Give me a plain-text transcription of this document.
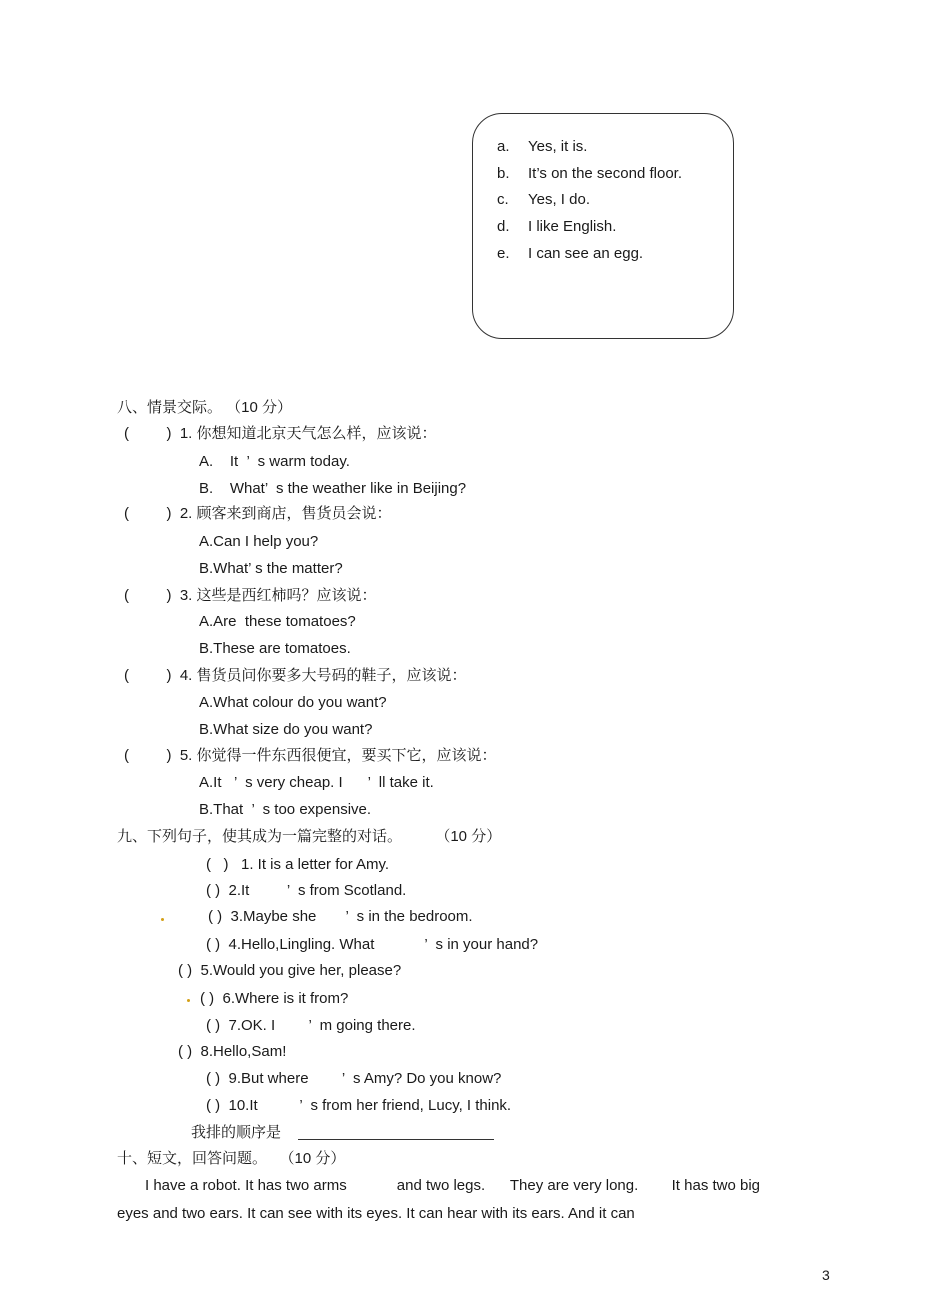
a. Yes, it is.
b. It’s on the second floor.
c. Yes, I do.
d. I like English.
e. I can see an egg.
八、情景交际。 （10 分）
(         )  1. 你想知道北京天气怎么样，应该说：
A.    It  ’  s warm today.
B.    What’  s the weather like in Beijing?
(         )  2. 顾客来到商店，售货员会说：
A.Can I help you?
B.What’ s the matter?
(         )  3. 这些是西红柿吗？应该说：
A.Are  these tomatoes?
B.These are tomatoes.
(         )  4. 售货员问你要多大号码的鞋子，应该说：
A.What colour do you want?
B.What size do you want?
(         )  5. 你觉得一件东西很便宜，要买下它，应该说：
A.It   ’  s very cheap. I      ’  ll take it.
B.That  ’  s too expensive.
九、下列句子，使其成为一篇完整的对话。        （10 分）
(   )   1. It is a letter for Amy.
( )  2.It         ’  s from Scotland.
( )  3.Maybe she       ’  s in the bedroom.
( )  4.Hello,Lingling. What            ’  s in your hand?
( )  5.Would you give her, please?
( )  6.Where is it from?
( )  7.OK. I        ’  m going there.
( )  8.Hello,Sam!
( )  9.But where        ’  s Amy? Do you know?
( )  10.It          ’  s from her friend, Lucy, I think.
我排的顺序是
十、短文，回答问题。   （10 分）
I have a robot. It has two arms            and two legs.      They are very long.        It has two big
eyes and two ears. It can see with its eyes. It can hear with its ears. And it can
3
